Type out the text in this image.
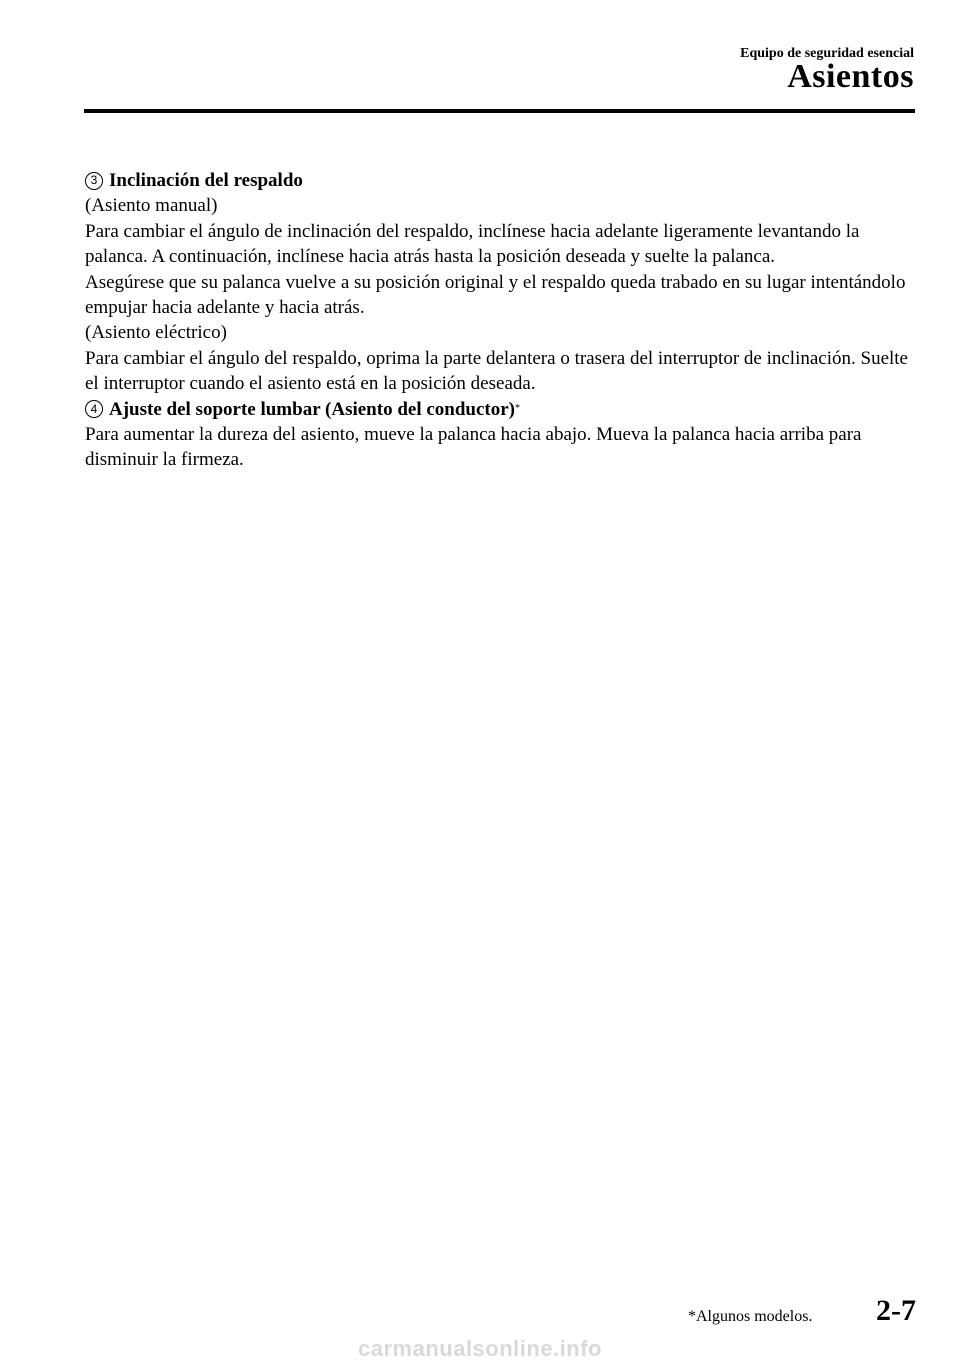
Equipo de seguridad esencial
Asientos

3 Inclinación del respaldo

(Asiento manual)

Para cambiar el ángulo de inclinación del respaldo, inclínese hacia adelante ligeramente levantando la palanca. A continuación, inclínese hacia atrás hasta la posición deseada y suelte la palanca.

Asegúrese que su palanca vuelve a su posición original y el respaldo queda trabado en su lugar intentándolo empujar hacia adelante y hacia atrás.

(Asiento eléctrico)

Para cambiar el ángulo del respaldo, oprima la parte delantera o trasera del interruptor de inclinación. Suelte el interruptor cuando el asiento está en la posición deseada.

4 Ajuste del soporte lumbar (Asiento del conductor) *

Para aumentar la dureza del asiento, mueve la palanca hacia abajo. Mueva la palanca hacia arriba para disminuir la firmeza.

*Algunos modelos. 2-7
carmanualsonline.info
